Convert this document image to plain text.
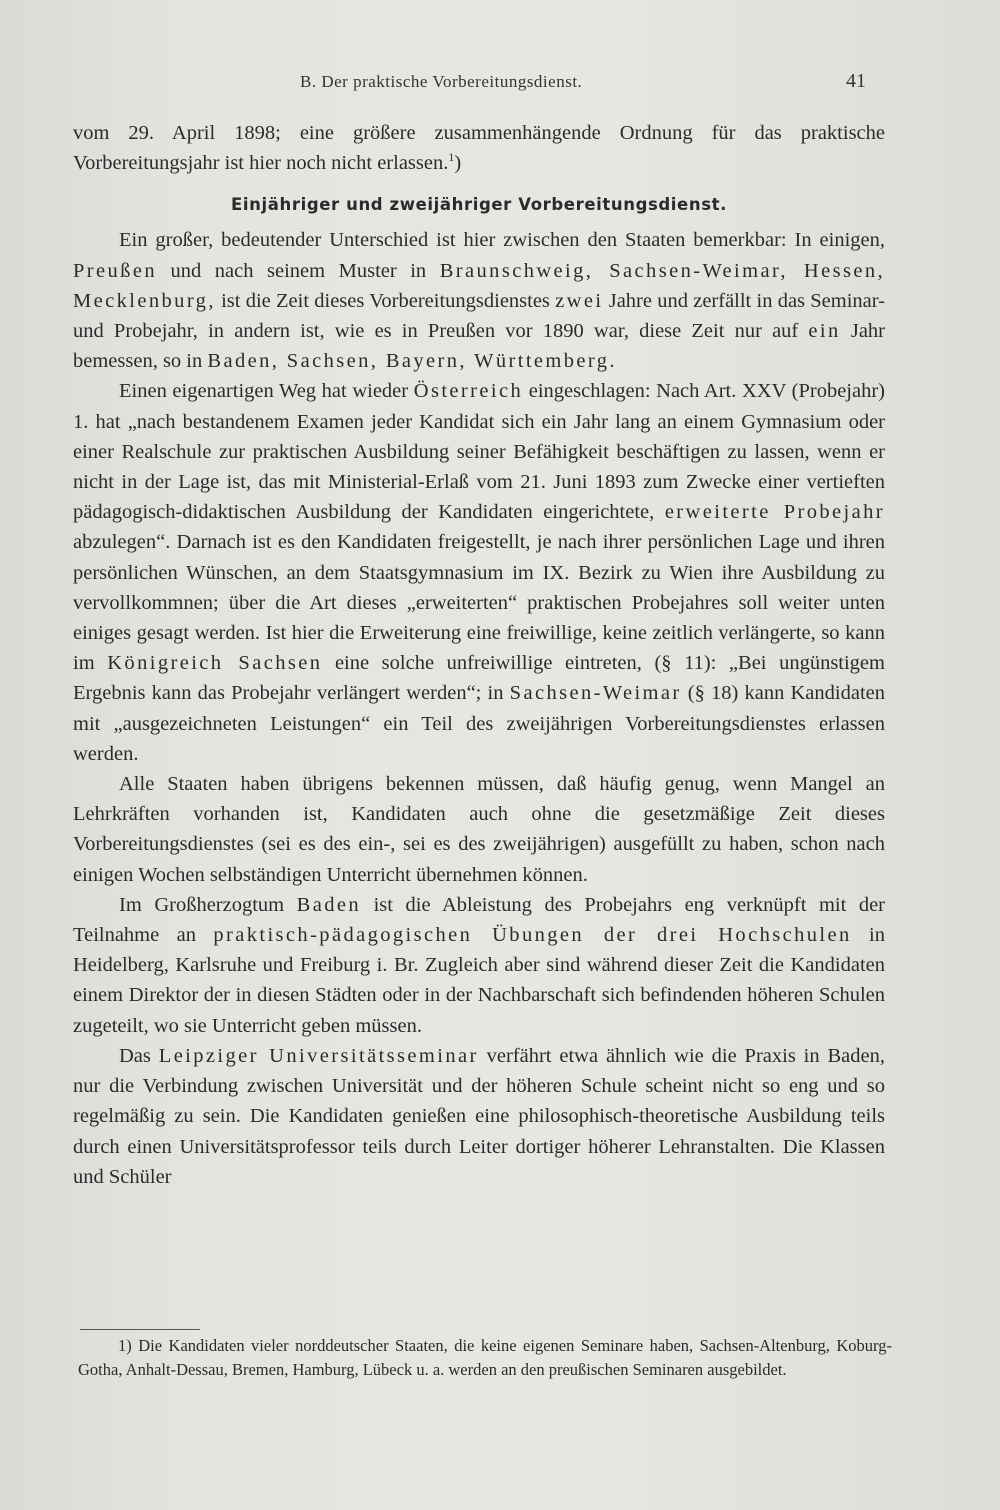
B. Der praktische Vorbereitungsdienst.	41

vom 29. April 1898; eine größere zusammenhängende Ordnung für das praktische Vorbereitungsjahr ist hier noch nicht erlassen.$^1$)

Einjähriger und zweijähriger Vorbereitungsdienst.

Ein großer, bedeutender Unterschied ist hier zwischen den Staaten bemerkbar: In einigen, Preußen und nach seinem Muster in Braunschweig, Sachsen-Weimar, Hessen, Mecklenburg, ist die Zeit dieses Vorbereitungsdienstes zwei Jahre und zerfällt in das Seminar- und Probejahr, in andern ist, wie es in Preußen vor 1890 war, diese Zeit nur auf ein Jahr bemessen, so in Baden, Sachsen, Bayern, Württemberg.

Einen eigenartigen Weg hat wieder Österreich eingeschlagen: Nach Art. XXV (Probejahr) 1. hat „nach bestandenem Examen jeder Kandidat sich ein Jahr lang an einem Gymnasium oder einer Realschule zur praktischen Ausbildung seiner Befähigkeit beschäftigen zu lassen, wenn er nicht in der Lage ist, das mit Ministerial-Erlaß vom 21. Juni 1893 zum Zwecke einer vertieften pädagogisch-didaktischen Ausbildung der Kandidaten eingerichtete, erweiterte Probejahr abzulegen“. Darnach ist es den Kandidaten freigestellt, je nach ihrer persönlichen Lage und ihren persönlichen Wünschen, an dem Staatsgymnasium im IX. Bezirk zu Wien ihre Ausbildung zu vervollkommnen; über die Art dieses „erweiterten“ praktischen Probejahres soll weiter unten einiges gesagt werden. Ist hier die Erweiterung eine freiwillige, keine zeitlich verlängerte, so kann im Königreich Sachsen eine solche unfreiwillige eintreten, (§ 11): „Bei ungünstigem Ergebnis kann das Probejahr verlängert werden“; in Sachsen-Weimar (§ 18) kann Kandidaten mit „ausgezeichneten Leistungen“ ein Teil des zweijährigen Vorbereitungsdienstes erlassen werden.

Alle Staaten haben übrigens bekennen müssen, daß häufig genug, wenn Mangel an Lehrkräften vorhanden ist, Kandidaten auch ohne die gesetzmäßige Zeit dieses Vorbereitungsdienstes (sei es des ein-, sei es des zweijährigen) ausgefüllt zu haben, schon nach einigen Wochen selbständigen Unterricht übernehmen können.

Im Großherzogtum Baden ist die Ableistung des Probejahrs eng verknüpft mit der Teilnahme an praktisch-pädagogischen Übungen der drei Hochschulen in Heidelberg, Karlsruhe und Freiburg i. Br. Zugleich aber sind während dieser Zeit die Kandidaten einem Direktor der in diesen Städten oder in der Nachbarschaft sich befindenden höheren Schulen zugeteilt, wo sie Unterricht geben müssen.

Das Leipziger Universitätsseminar verfährt etwa ähnlich wie die Praxis in Baden, nur die Verbindung zwischen Universität und der höheren Schule scheint nicht so eng und so regelmäßig zu sein. Die Kandidaten genießen eine philosophisch-theoretische Ausbildung teils durch einen Universitätsprofessor teils durch Leiter dortiger höherer Lehranstalten. Die Klassen und Schüler

1) Die Kandidaten vieler norddeutscher Staaten, die keine eigenen Seminare haben, Sachsen-Altenburg, Koburg-Gotha, Anhalt-Dessau, Bremen, Hamburg, Lübeck u. a. werden an den preußischen Seminaren ausgebildet.
